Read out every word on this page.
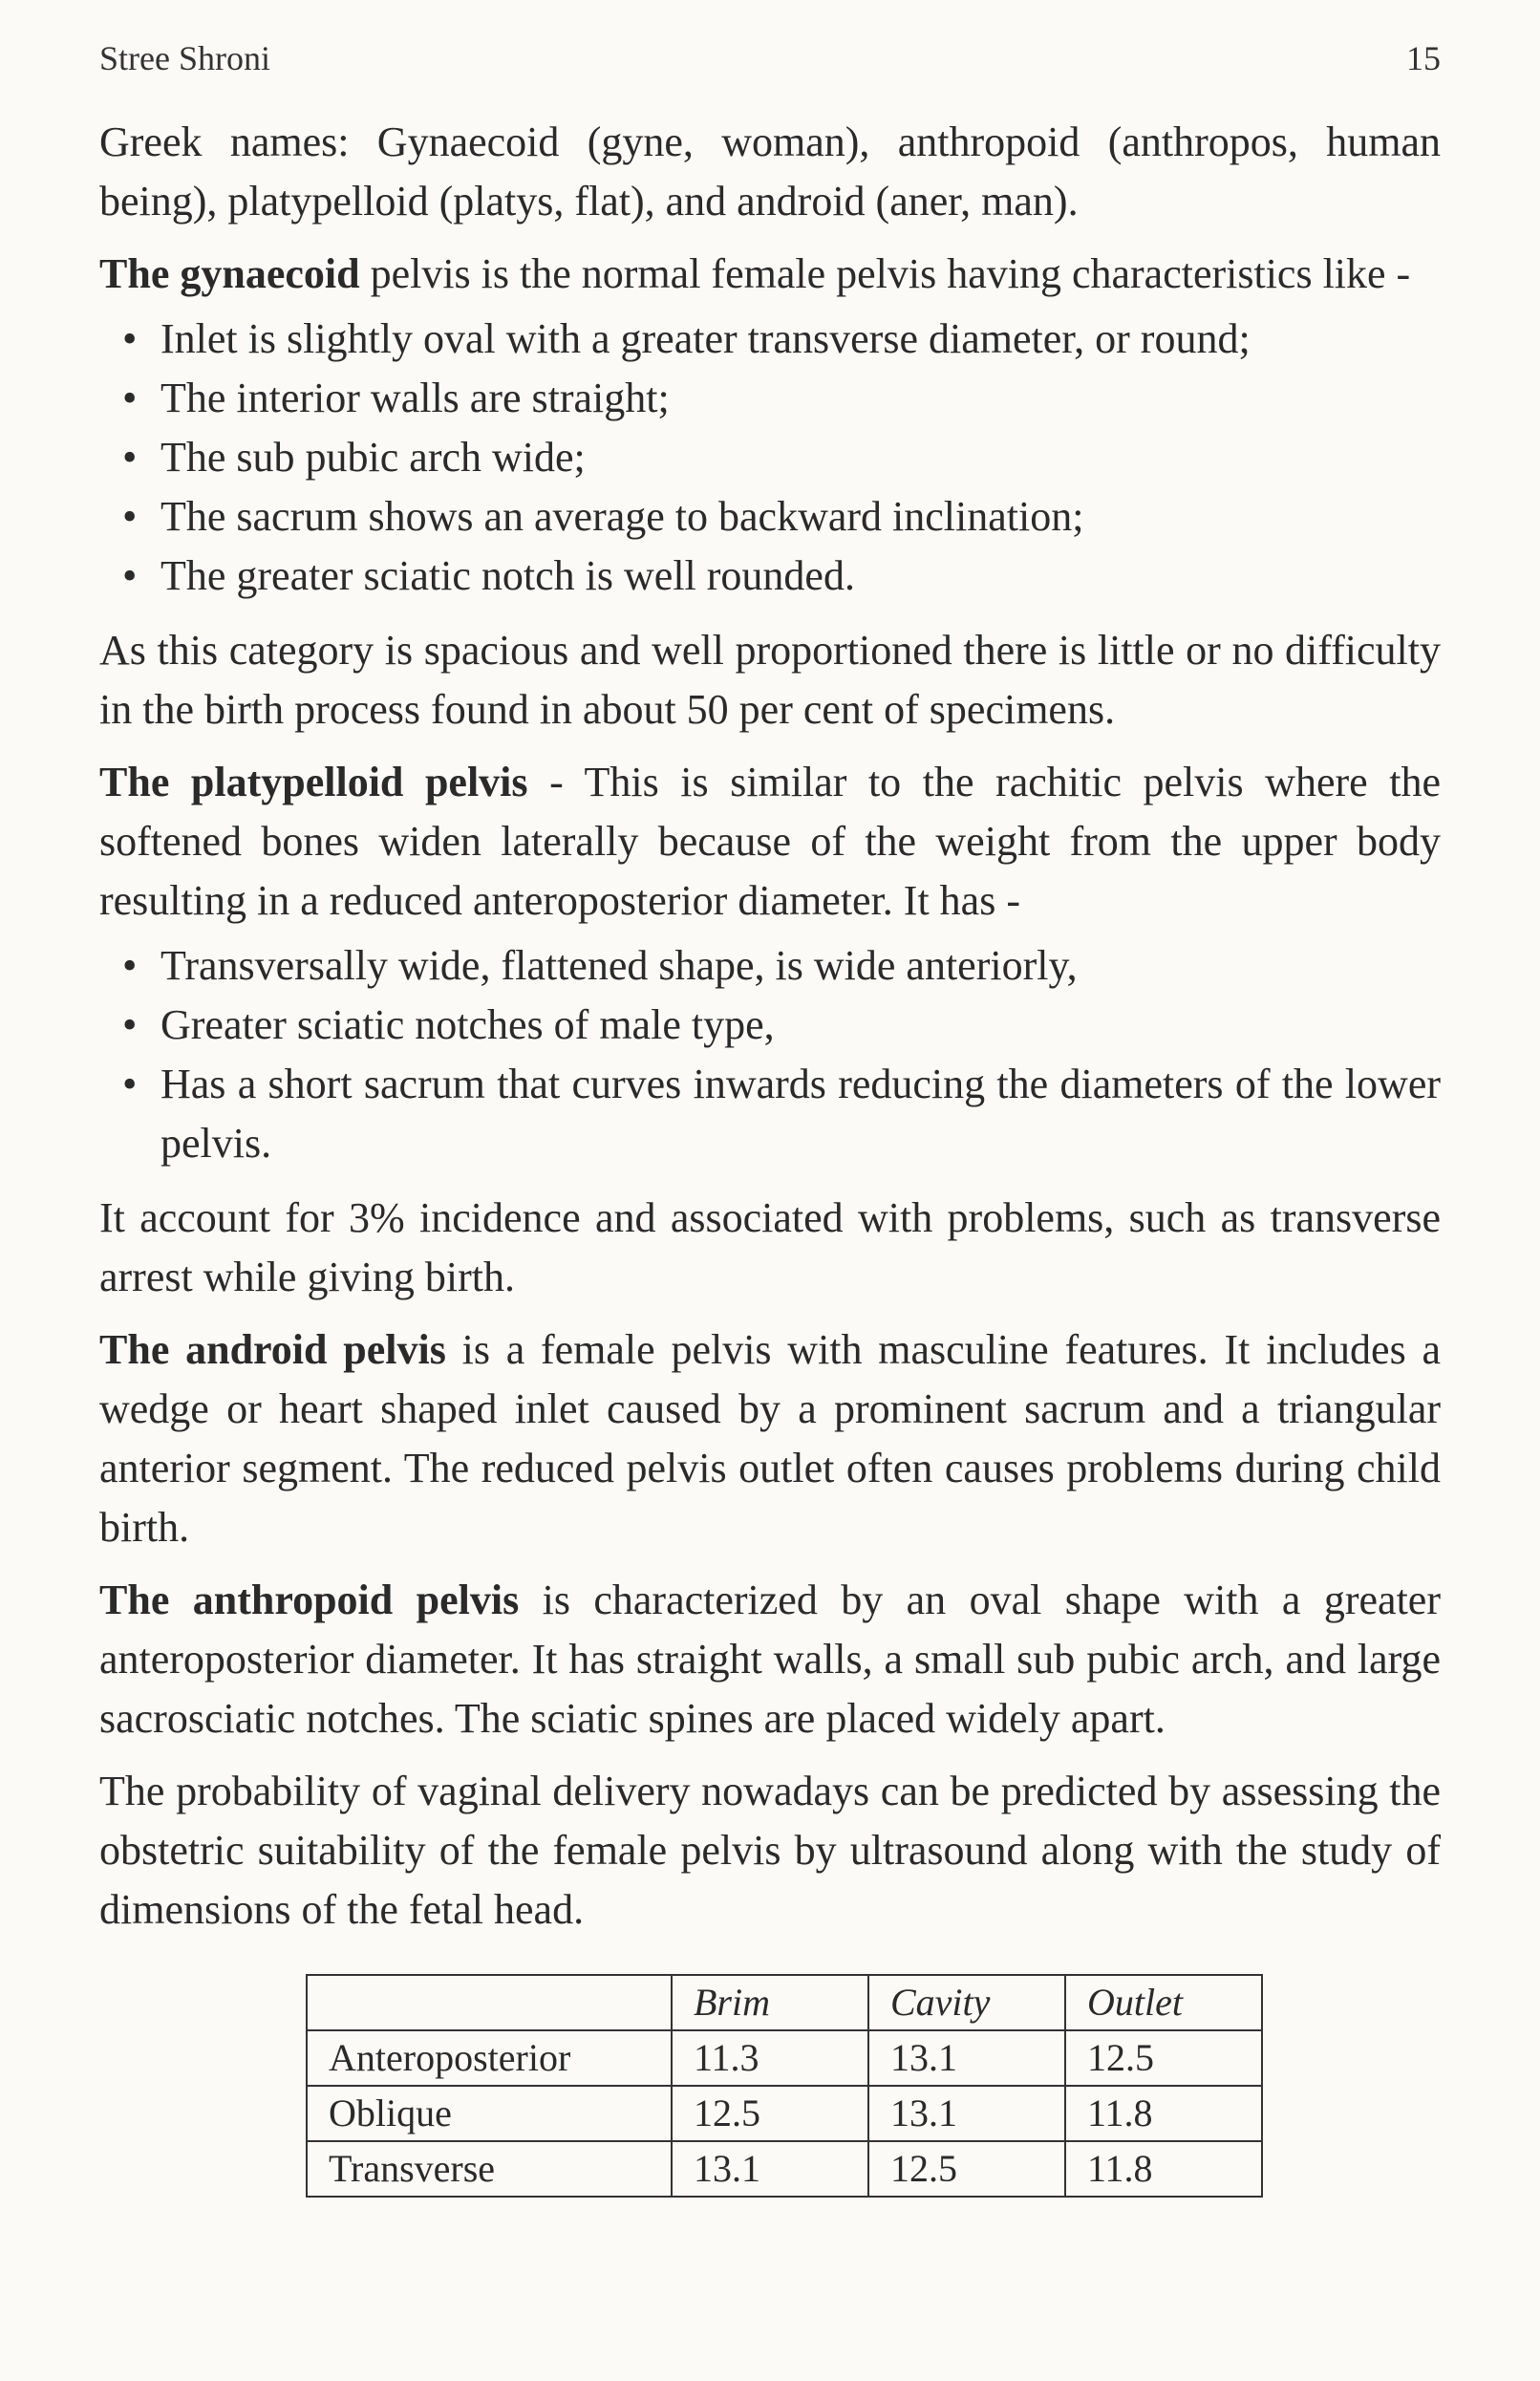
Stree Shroni	15

Greek names: Gynaecoid (gyne, woman), anthropoid (anthropos, human being), platypelloid (platys, flat), and android (aner, man).

The gynaecoid pelvis is the normal female pelvis having characteristics like -

• Inlet is slightly oval with a greater transverse diameter, or round;
• The interior walls are straight;
• The sub pubic arch wide;
• The sacrum shows an average to backward inclination;
• The greater sciatic notch is well rounded.

As this category is spacious and well proportioned there is little or no difficulty in the birth process found in about 50 per cent of specimens.

The platypelloid pelvis - This is similar to the rachitic pelvis where the softened bones widen laterally because of the weight from the upper body resulting in a reduced anteroposterior diameter. It has -

• Transversally wide, flattened shape, is wide anteriorly,
• Greater sciatic notches of male type,
• Has a short sacrum that curves inwards reducing the diameters of the lower pelvis.

It account for 3% incidence and associated with problems, such as transverse arrest while giving birth.

The android pelvis is a female pelvis with masculine features. It includes a wedge or heart shaped inlet caused by a prominent sacrum and a triangular anterior segment. The reduced pelvis outlet often causes problems during child birth.

The anthropoid pelvis is characterized by an oval shape with a greater anteroposterior diameter. It has straight walls, a small sub pubic arch, and large sacrosciatic notches. The sciatic spines are placed widely apart.

The probability of vaginal delivery nowadays can be predicted by assessing the obstetric suitability of the female pelvis by ultrasound along with the study of dimensions of the fetal head.

	Brim	Cavity	Outlet
Anteroposterior	11.3	13.1	12.5
Oblique	12.5	13.1	11.8
Transverse	13.1	12.5	11.8
